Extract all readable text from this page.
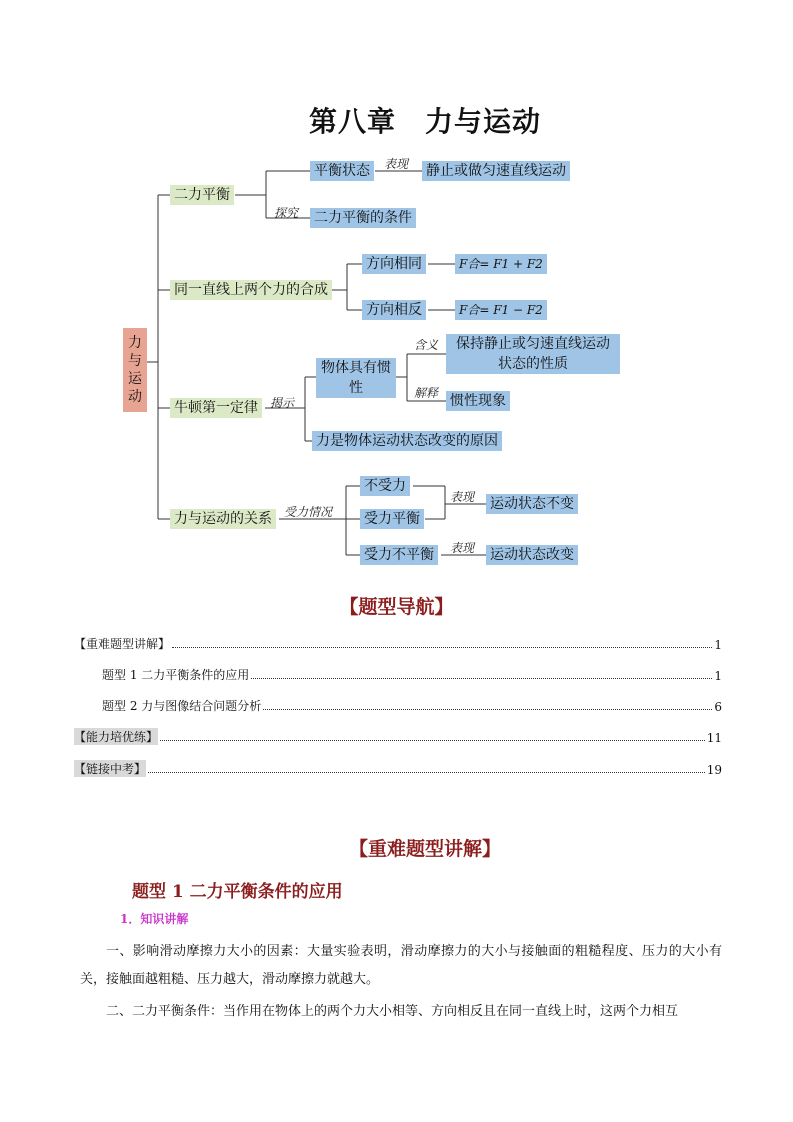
第八章　力与运动
力与运动
二力平衡
同一直线上两个力的合成
牛顿第一定律
力与运动的关系
平衡状态	表现 静止或做匀速直线运动
探究 二力平衡的条件
方向相同	F合= F1 + F2
方向相反	F合= F1 − F2
揭示
物体具有惯性
含义	保持静止或匀速直线运动状态的性质
解释 惯性现象
力是物体运动状态改变的原因
受力情况
不受力
受力平衡
表现 运动状态不变
受力不平衡	表现 运动状态改变
【题型导航】
【重难题型讲解】	1
题型 1 二力平衡条件的应用	1
题型 2 力与图像结合问题分析	6
【能力培优练】	11
【链接中考】	19
【重难题型讲解】
题型 1 二力平衡条件的应用
1．知识讲解
一、影响滑动摩擦力大小的因素：大量实验表明，滑动摩擦力的大小与接触面的粗糙程度、压力的大小有关，接触面越粗糙、压力越大，滑动摩擦力就越大。
二、二力平衡条件：当作用在物体上的两个力大小相等、方向相反且在同一直线上时，这两个力相互
